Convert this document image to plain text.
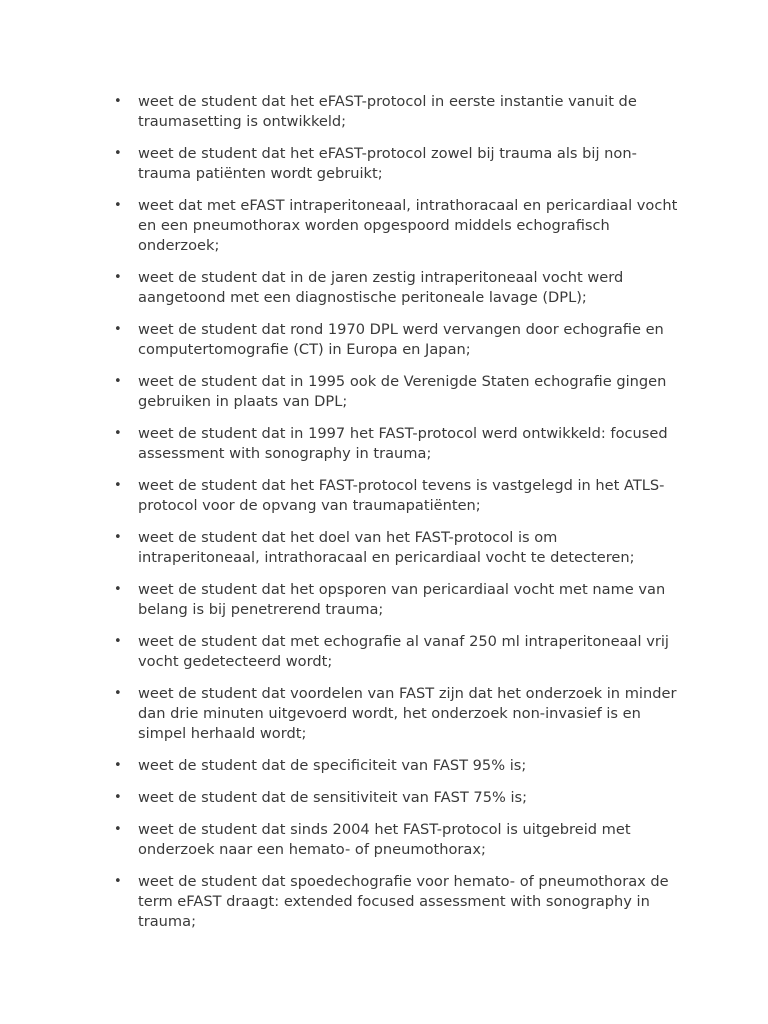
• weet de student dat het eFAST-protocol in eerste instantie vanuit de traumasetting is ontwikkeld;
• weet de student dat het eFAST-protocol zowel bij trauma als bij non-trauma patiënten wordt gebruikt;
• weet dat met eFAST intraperitoneaal, intrathoracaal en pericardiaal vocht en een pneumothorax worden opgespoord middels echografisch onderzoek;
• weet de student dat in de jaren zestig intraperitoneaal vocht werd aangetoond met een diagnostische peritoneale lavage (DPL);
• weet de student dat rond 1970 DPL werd vervangen door echografie en computertomografie (CT) in Europa en Japan;
• weet de student dat in 1995 ook de Verenigde Staten echografie gingen gebruiken in plaats van DPL;
• weet de student dat in 1997 het FAST-protocol werd ontwikkeld: focused assessment with sonography in trauma;
• weet de student dat het FAST-protocol tevens is vastgelegd in het ATLS-protocol voor de opvang van traumapatiënten;
• weet de student dat het doel van het FAST-protocol is om intraperitoneaal, intrathoracaal en pericardiaal vocht te detecteren;
• weet de student dat het opsporen van pericardiaal vocht met name van belang is bij penetrerend trauma;
• weet de student dat met echografie al vanaf 250 ml intraperitoneaal vrij vocht gedetecteerd wordt;
• weet de student dat voordelen van FAST zijn dat het onderzoek in minder dan drie minuten uitgevoerd wordt, het onderzoek non-invasief is en simpel herhaald wordt;
• weet de student dat de specificiteit van FAST 95% is;
• weet de student dat de sensitiviteit van FAST 75% is;
• weet de student dat sinds 2004 het FAST-protocol is uitgebreid met onderzoek naar een hemato- of pneumothorax;
• weet de student dat spoedechografie voor hemato- of pneumothorax de term eFAST draagt: extended focused assessment with sonography in trauma;
